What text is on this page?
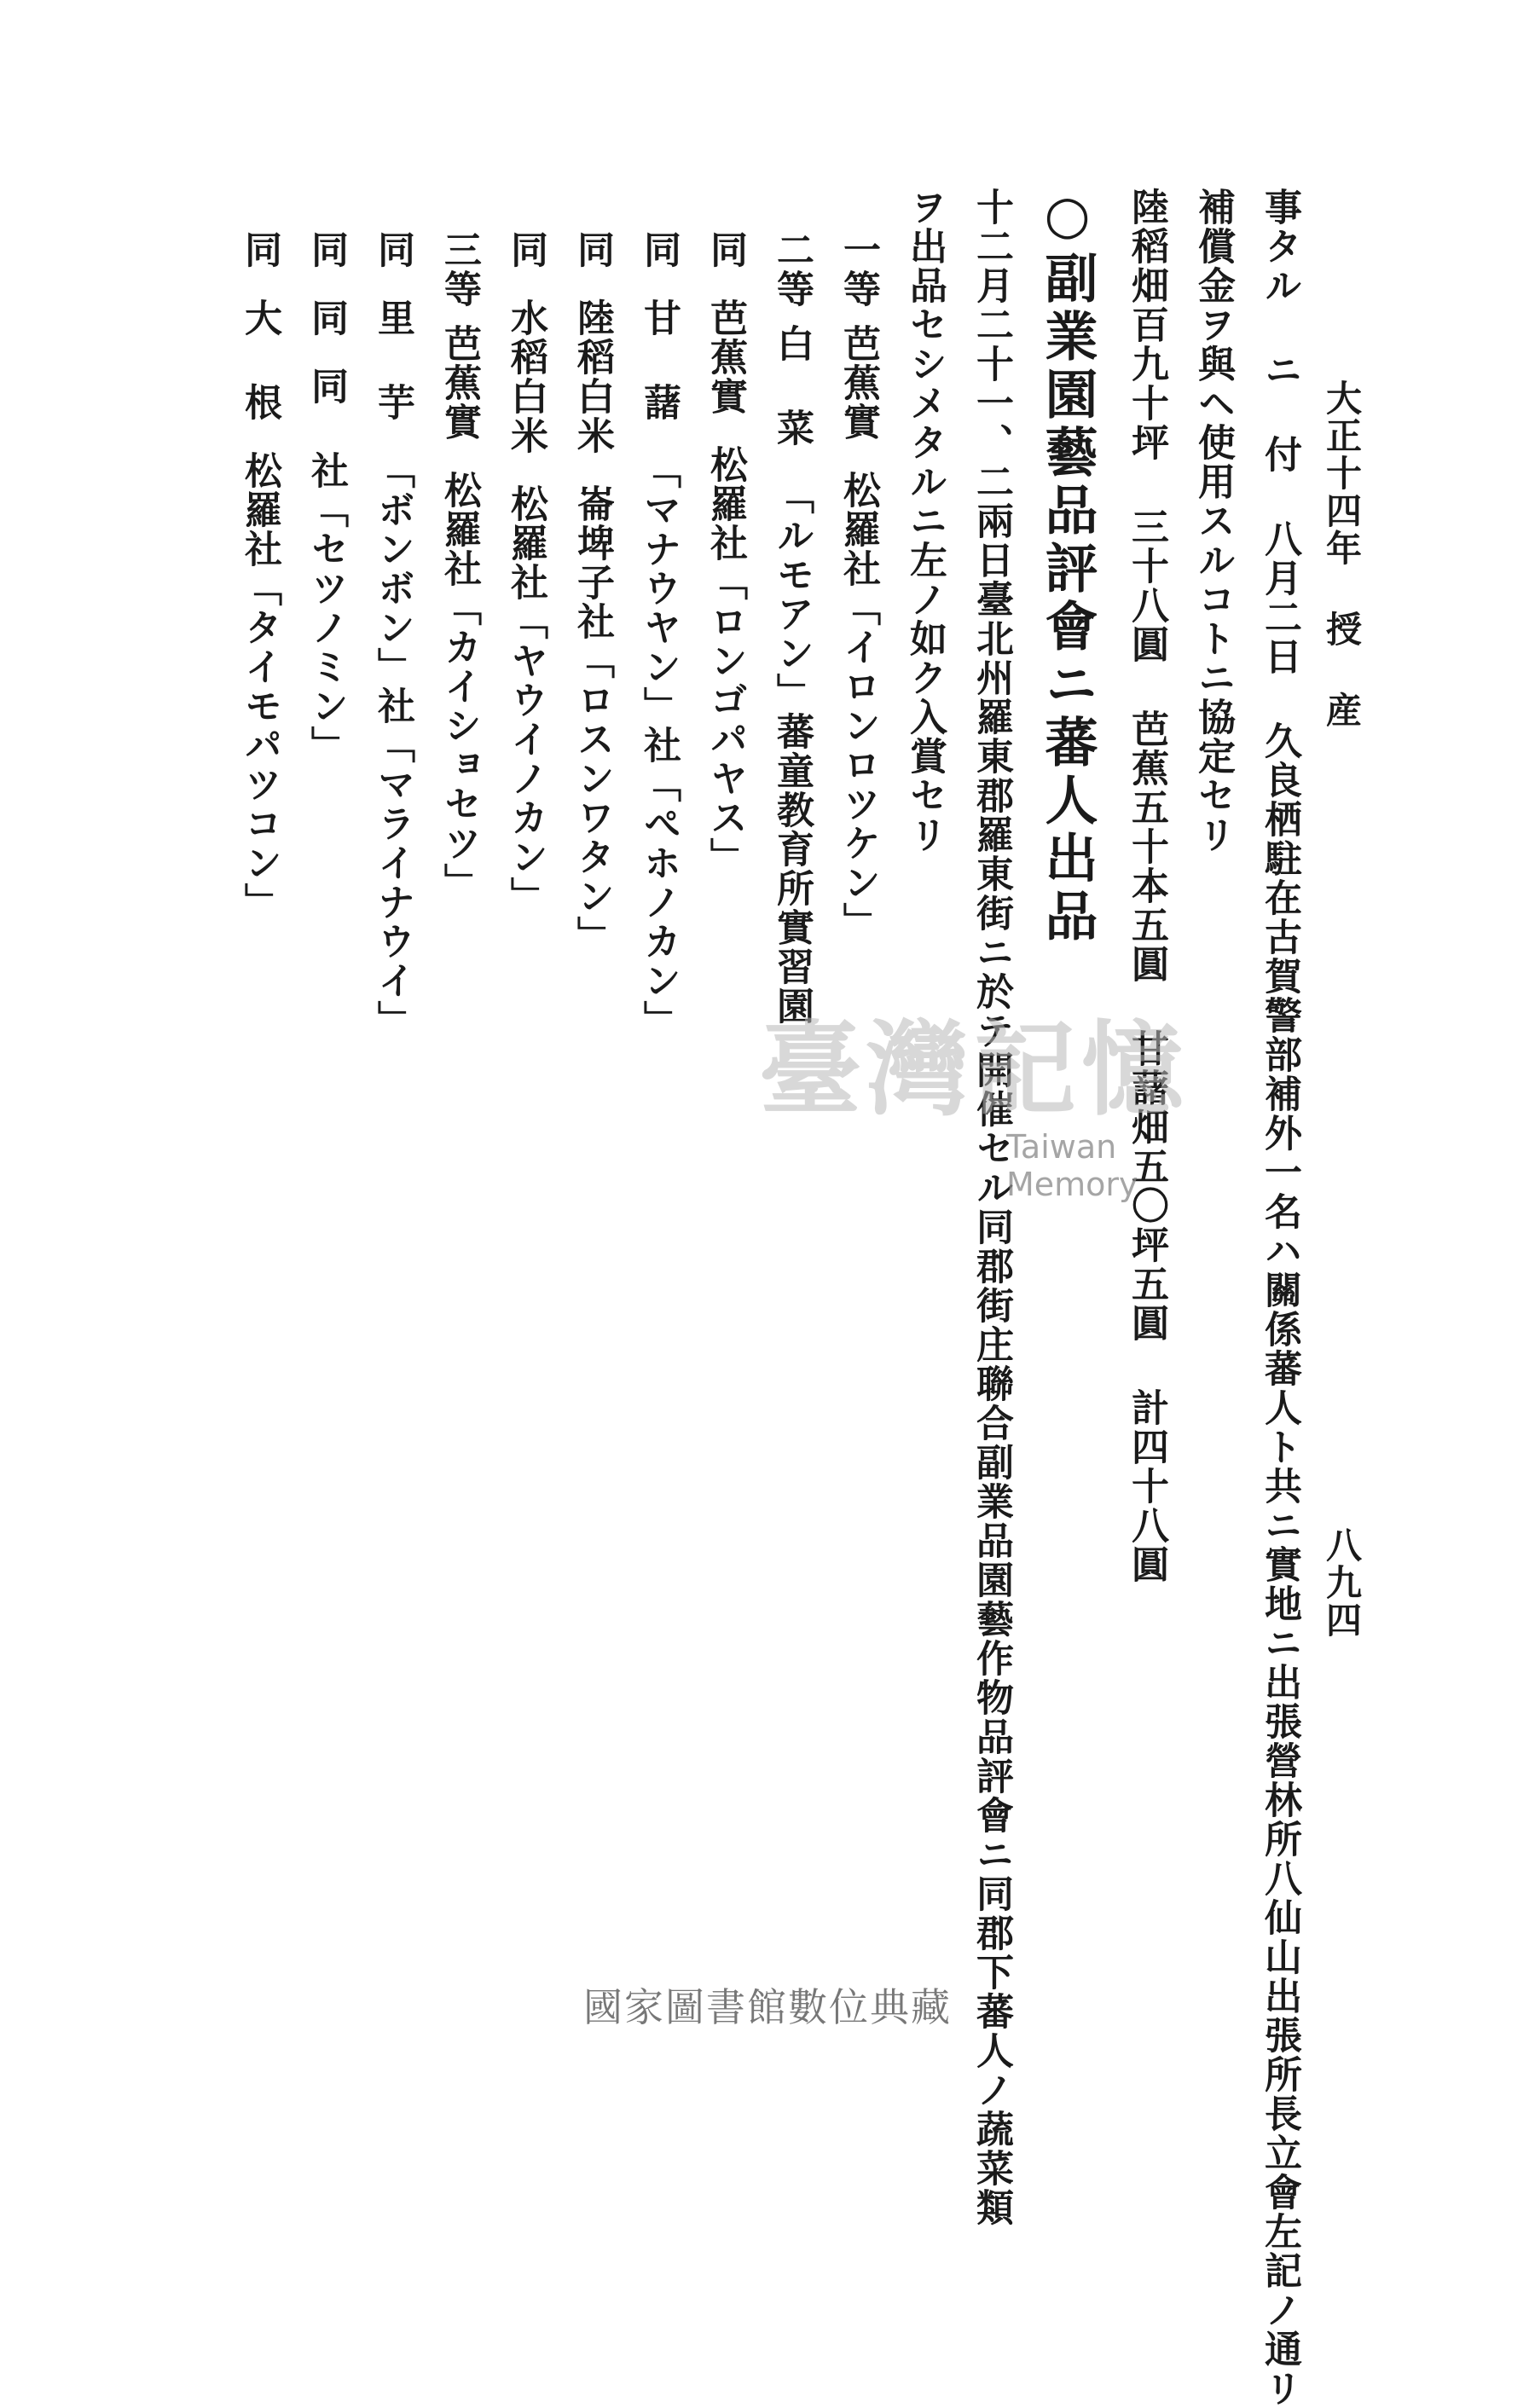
大正十四年 授 産
八九四
事タル ニ 付 八月二日 久良栖駐在古賀警部補外一名ハ關係蕃人ト共ニ實地ニ出張營林所八仙山出張所長立會左記ノ通リ
補償金ヲ與ヘ使用スルコトニ協定セリ
陸稻畑百九十坪 三十八圓 芭蕉五十本五圓 甘藷畑五〇坪五圓 計四十八圓
○副業園藝品評會ニ蕃人出品
十二月二十一、二兩日臺北州羅東郡羅東街ニ於テ開催セル同郡街庄聯合副業品園藝作物品評會ニ同郡下蕃人ノ蔬菜類
ヲ出品セシメタルニ左ノ如ク入賞セリ
一等芭蕉實松羅社「イロンロツケン」
二等白 菜「ルモアン」蕃童教育所實習園
同芭蕉實松羅社「ロンゴパヤス」
同甘 藷「マナウヤン」社「ぺホノカン」
同陸稻白米崙埤子社「ロスンワタン」
同水稻白米松羅社「ヤウイノカン」
三等芭蕉實松羅社「カイショセツ」
同里 芋「ボンボン」社「マライナウイ」
同同同 社「セツノミン」
同大 根松羅社「タイモパツコン」
臺灣記憶
Taiwan Memory
國家圖書館數位典藏
